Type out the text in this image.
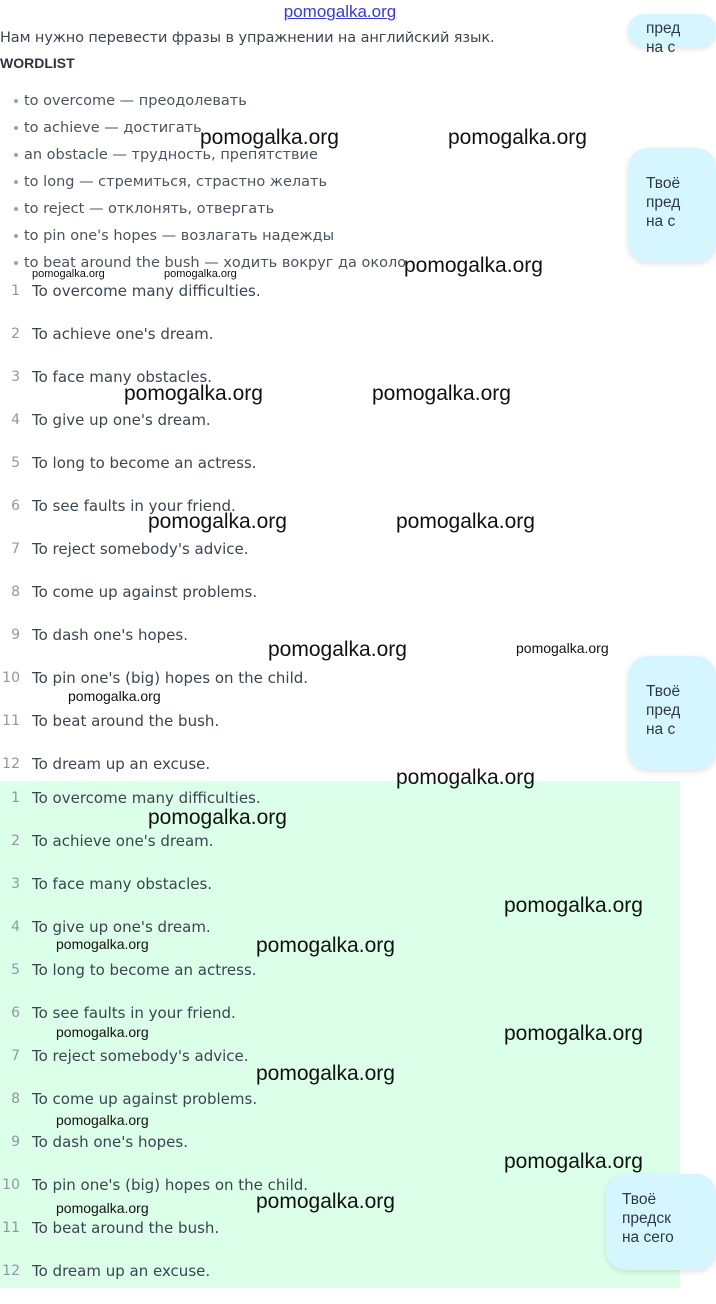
pomogalka.org
Нам нужно перевести фразы в упражнении на английский язык.
WORDLIST
to overcome — преодолевать
to achieve — достигать
an obstacle — трудность, препятствие
to long — стремиться, страстно желать
to reject — отклонять, отвергать
to pin one's hopes — возлагать надежды
to beat around the bush — ходить вокруг да около
1 To overcome many difficulties.
2 To achieve one's dream.
3 To face many obstacles.
4 To give up one's dream.
5 To long to become an actress.
6 To see faults in your friend.
7 To reject somebody's advice.
8 To come up against problems.
9 To dash one's hopes.
10 To pin one's (big) hopes on the child.
11 To beat around the bush.
12 To dream up an excuse.
1 To overcome many difficulties.
2 To achieve one's dream.
3 To face many obstacles.
4 To give up one's dream.
5 To long to become an actress.
6 To see faults in your friend.
7 To reject somebody's advice.
8 To come up against problems.
9 To dash one's hopes.
10 To pin one's (big) hopes on the child.
11 To beat around the bush.
12 To dream up an excuse.
пред
на с
Твоё
пред
на с
Твоё
пред
на с
Твоё
предск
на сего
pomogalka.org	pomogalka.org
pomogalka.org	pomogalka.org	pomogalka.org
pomogalka.org	pomogalka.org
pomogalka.org	pomogalka.org
pomogalka.org	pomogalka.org
pomogalka.org
pomogalka.org
pomogalka.org
pomogalka.org
pomogalka.org	pomogalka.org
pomogalka.org	pomogalka.org
pomogalka.org
pomogalka.org
pomogalka.org
pomogalka.org	pomogalka.org
